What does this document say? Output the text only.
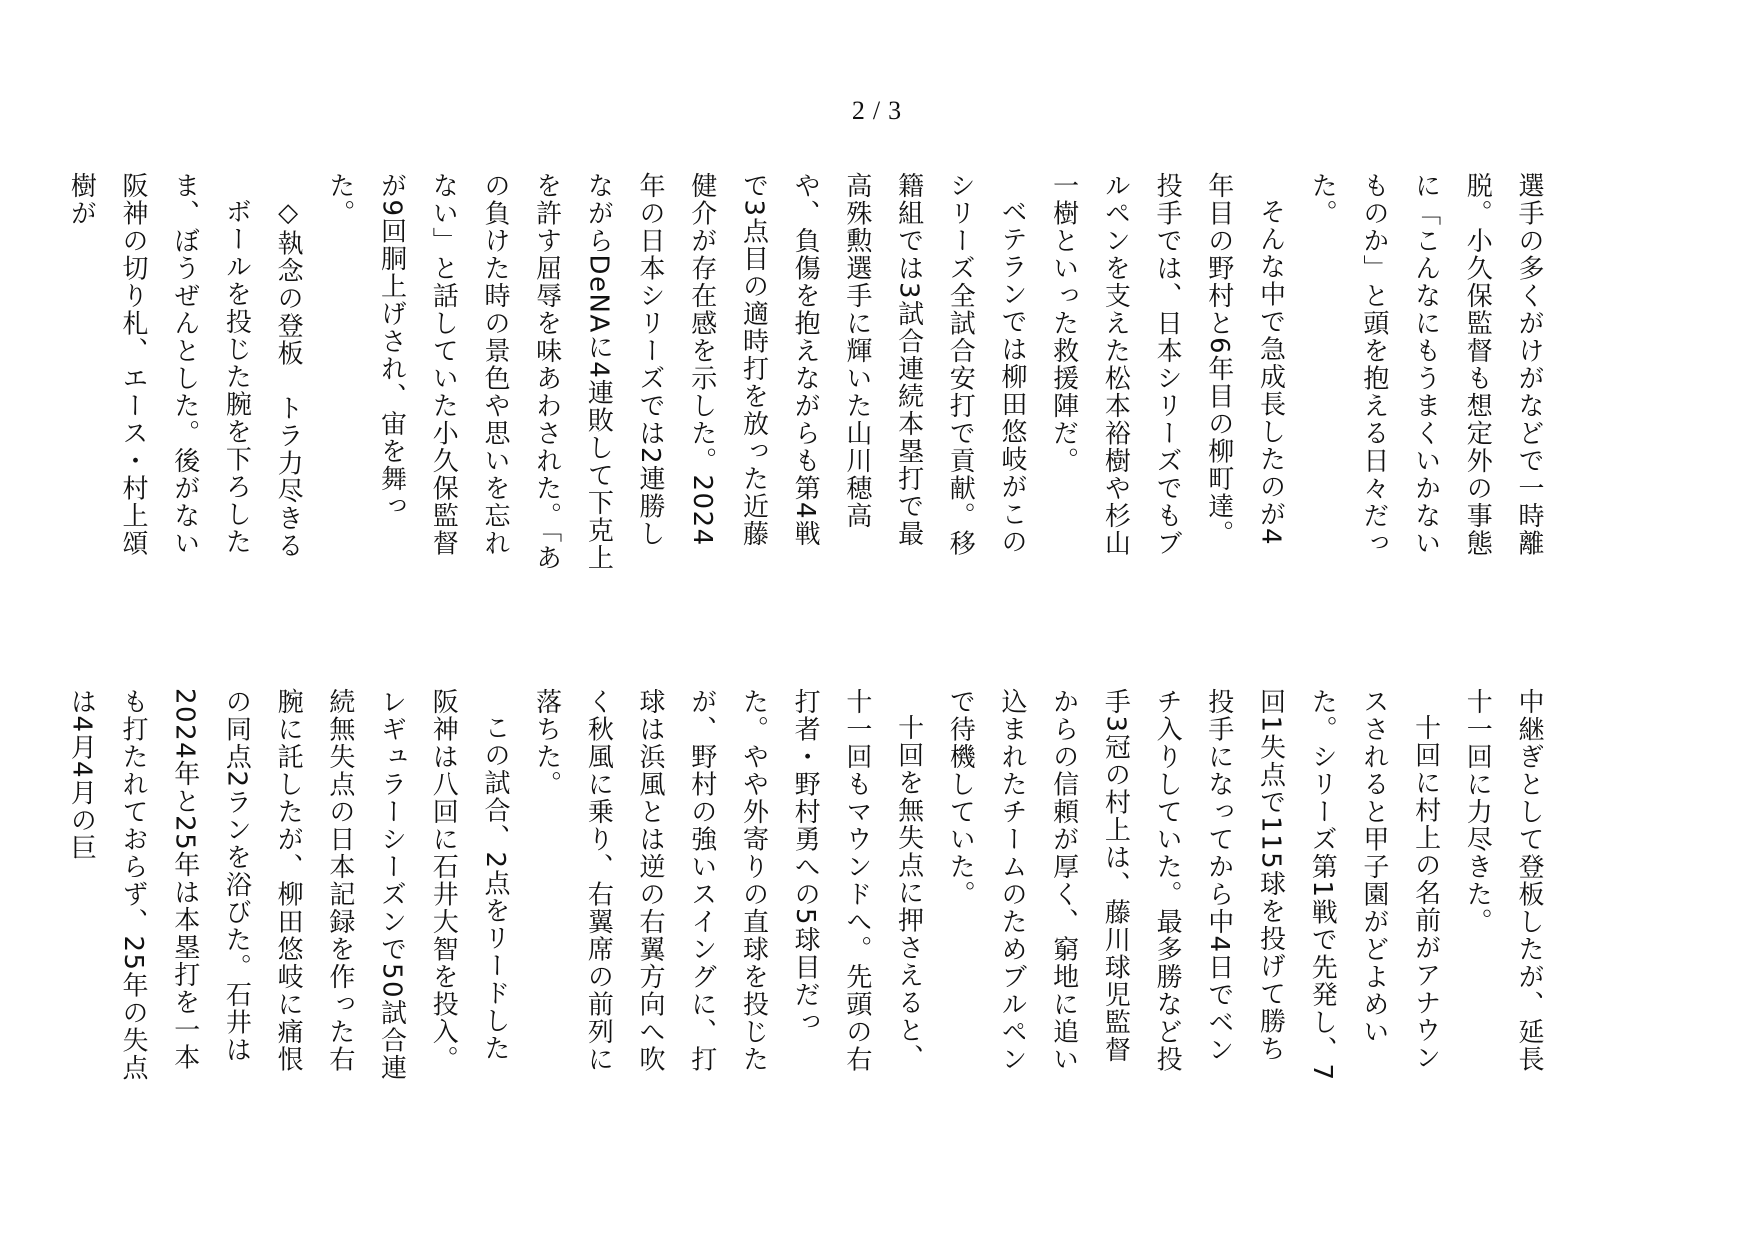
2 / 3

選手の多くがけがなどで一時離脱。小久保監督も想定外の事態に「こんなにもうまくいかないものか」と頭を抱える日々だった。

そんな中で急成長したのが4年目の野村と6年目の柳町達。投手では、日本シリーズでもブルペンを支えた松本裕樹や杉山一樹といった救援陣だ。

ベテランでは柳田悠岐がこのシリーズ全試合安打で貢献。移籍組では3試合連続本塁打で最高殊勲選手に輝いた山川穂高や、負傷を抱えながらも第4戦で3点目の適時打を放った近藤健介が存在感を示した。2024年の日本シリーズでは2連勝しながらDeNAに4連敗して下克上を許す屈辱を味あわされた。「あの負けた時の景色や思いを忘れない」と話していた小久保監督が9回胴上げされ、宙を舞った。

◇執念の登板　トラ力尽きる

ボールを投じた腕を下ろしたま、ぼうぜんとした。後がない阪神の切り札、エース・村上頌樹が

中継ぎとして登板したが、延長十一回に力尽きた。

十回に村上の名前がアナウンスされると甲子園がどよめいた。シリーズ第1戦で先発し、7回1失点で115球を投げて勝ち投手になってから中4日でベンチ入りしていた。最多勝など投手3冠の村上は、藤川球児監督からの信頼が厚く、窮地に追い込まれたチームのためブルペンで待機していた。

十回を無失点に押さえると、十一回もマウンドへ。先頭の右打者・野村勇への5球目だった。やや外寄りの直球を投じたが、野村の強いスイングに、打球は浜風とは逆の右翼方向へ吹く秋風に乗り、右翼席の前列に落ちた。

この試合、2点をリードした阪神は八回に石井大智を投入。レギュラーシーズンで50試合連続無失点の日本記録を作った右腕に託したが、柳田悠岐に痛恨の同点2ランを浴びた。石井は2024年と25年は本塁打を一本も打たれておらず、25年の失点は4月4月の巨
